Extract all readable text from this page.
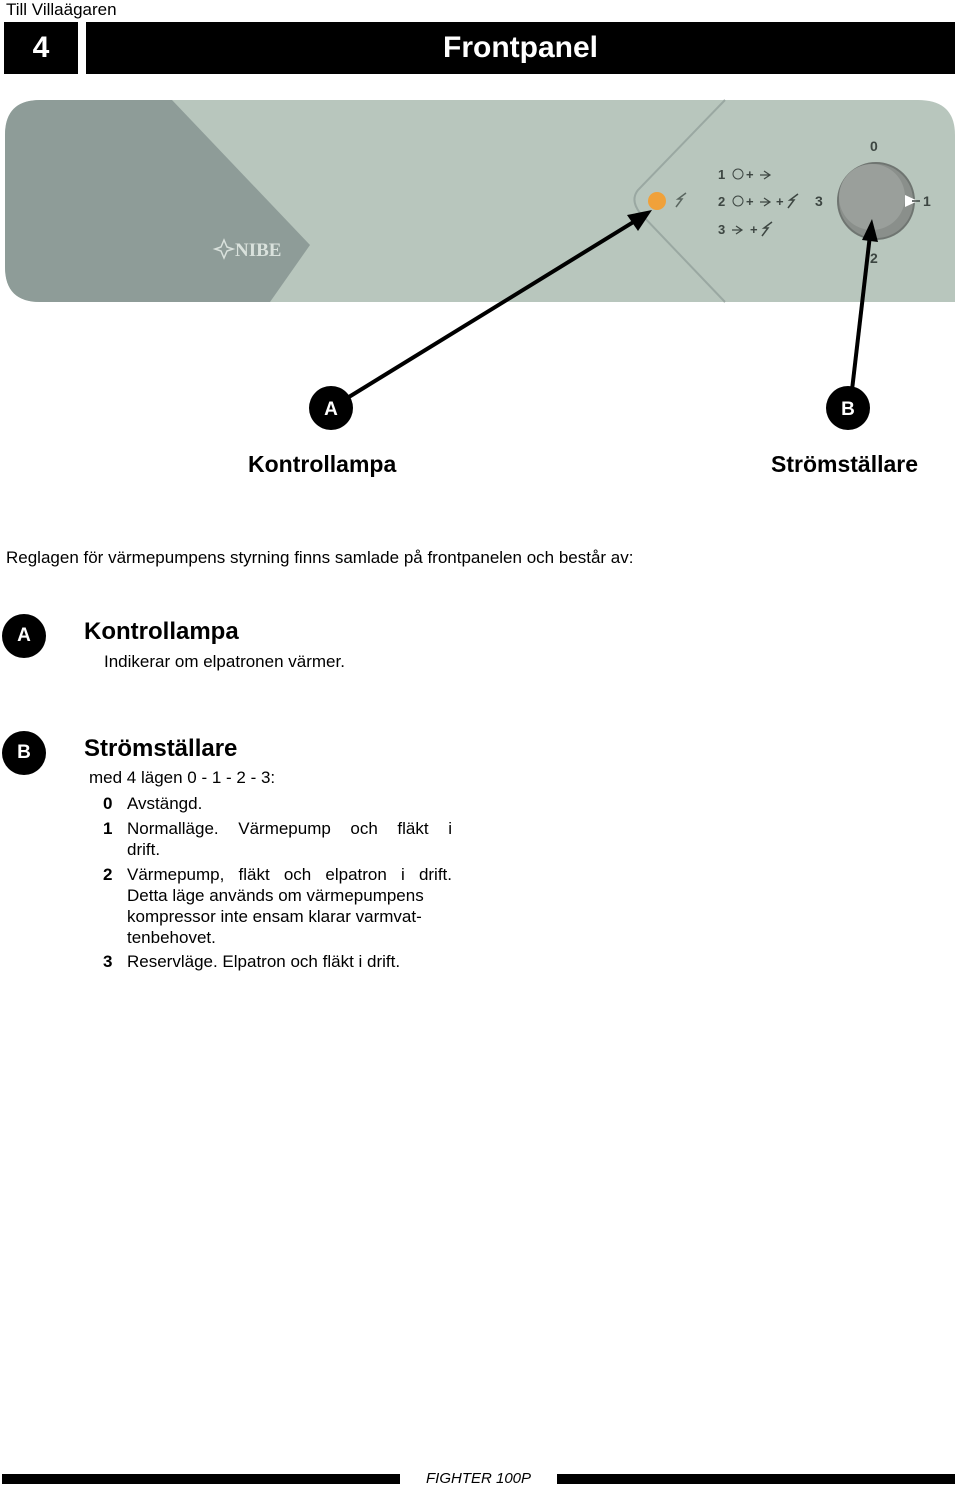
Till Villaägaren
4	Frontpanel
NIBE
1 +
2 + +
3 +
0
1
2
3
A	B
Kontrollampa	Strömställare
Reglagen för värmepumpens styrning finns samlade på frontpanelen och består av:
A	Kontrollampa
Indikerar om elpatronen värmer.
B	Strömställare
med 4 lägen 0 - 1 - 2 - 3:
0 Avstängd.
1 Normalläge. Värmepump och fläkt i
drift.
2 Värmepump, fläkt och elpatron i drift.
Detta läge används om värmepumpens
kompressor inte ensam klarar varmvat-
tenbehovet.
3 Reservläge. Elpatron och fläkt i drift.
FIGHTER 100P
